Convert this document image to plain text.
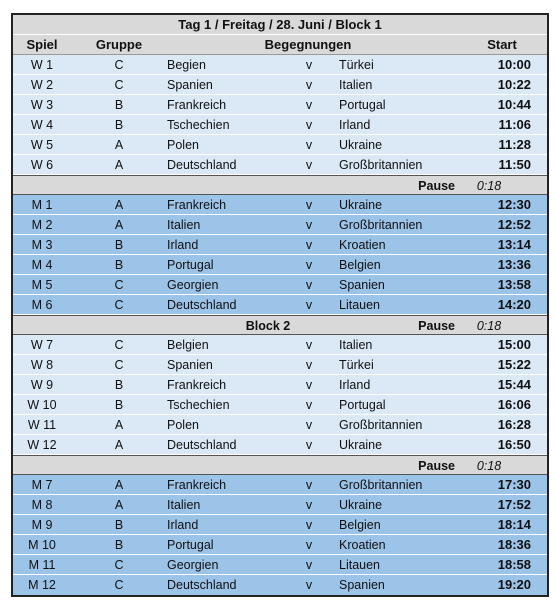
Tag 1 / Freitag / 28. Juni / Block 1
Spiel	Gruppe	Begegnungen	Start
W 1	C	Begien	v	Türkei	10:00
W 2	C	Spanien	v	Italien	10:22
W 3	B	Frankreich	v	Portugal	10:44
W 4	B	Tschechien	v	Irland	11:06
W 5	A	Polen	v	Ukraine	11:28
W 6	A	Deutschland	v	Großbritannien	11:50
Pause	0:18
M 1	A	Frankreich	v	Ukraine	12:30
M 2	A	Italien	v	Großbritannien	12:52
M 3	B	Irland	v	Kroatien	13:14
M 4	B	Portugal	v	Belgien	13:36
M 5	C	Georgien	v	Spanien	13:58
M 6	C	Deutschland	v	Litauen	14:20
Block 2	Pause	0:18
W 7	C	Belgien	v	Italien	15:00
W 8	C	Spanien	v	Türkei	15:22
W 9	B	Frankreich	v	Irland	15:44
W 10	B	Tschechien	v	Portugal	16:06
W 11	A	Polen	v	Großbritannien	16:28
W 12	A	Deutschland	v	Ukraine	16:50
Pause	0:18
M 7	A	Frankreich	v	Großbritannien	17:30
M 8	A	Italien	v	Ukraine	17:52
M 9	B	Irland	v	Belgien	18:14
M 10	B	Portugal	v	Kroatien	18:36
M 11	C	Georgien	v	Litauen	18:58
M 12	C	Deutschland	v	Spanien	19:20
